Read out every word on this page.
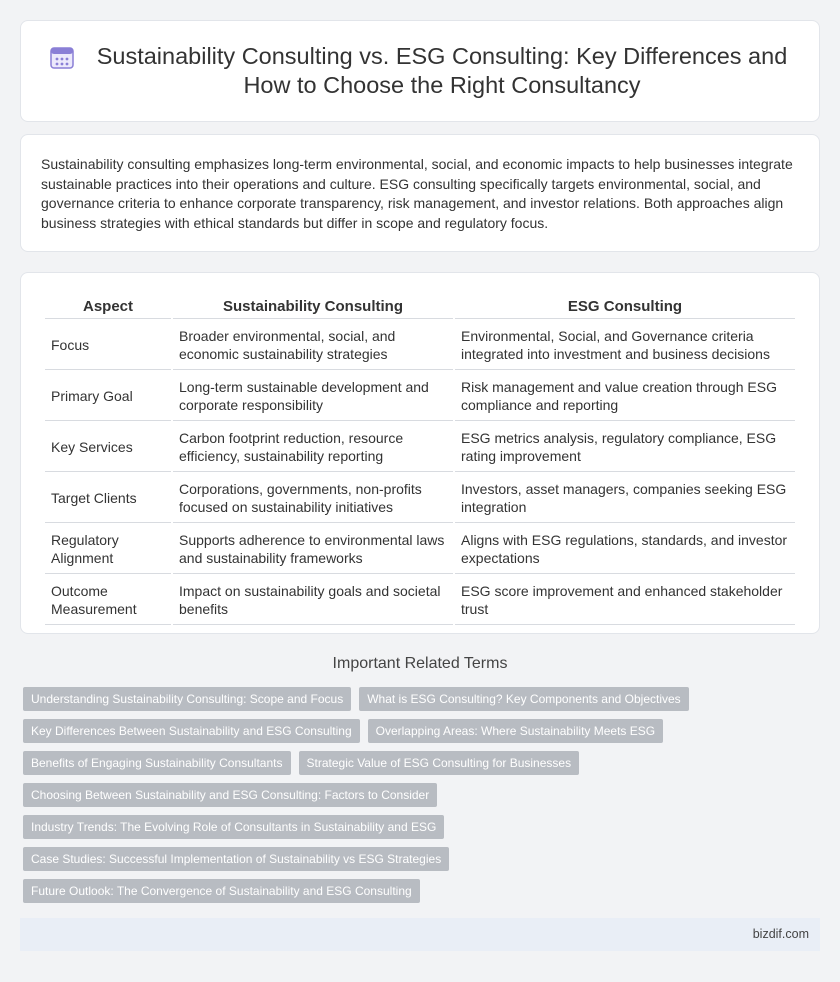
Sustainability Consulting vs. ESG Consulting: Key Differences and How to Choose the Right Consultancy

Sustainability consulting emphasizes long-term environmental, social, and economic impacts to help businesses integrate sustainable practices into their operations and culture. ESG consulting specifically targets environmental, social, and governance criteria to enhance corporate transparency, risk management, and investor relations. Both approaches align business strategies with ethical standards but differ in scope and regulatory focus.

Aspect	Sustainability Consulting	ESG Consulting
Focus	Broader environmental, social, and economic sustainability strategies	Environmental, Social, and Governance criteria integrated into investment and business decisions
Primary Goal	Long-term sustainable development and corporate responsibility	Risk management and value creation through ESG compliance and reporting
Key Services	Carbon footprint reduction, resource efficiency, sustainability reporting	ESG metrics analysis, regulatory compliance, ESG rating improvement
Target Clients	Corporations, governments, non-profits focused on sustainability initiatives	Investors, asset managers, companies seeking ESG integration
Regulatory Alignment	Supports adherence to environmental laws and sustainability frameworks	Aligns with ESG regulations, standards, and investor expectations
Outcome Measurement	Impact on sustainability goals and societal benefits	ESG score improvement and enhanced stakeholder trust
Important Related Terms
Understanding Sustainability Consulting: Scope and Focus	What is ESG Consulting? Key Components and Objectives
Key Differences Between Sustainability and ESG Consulting	Overlapping Areas: Where Sustainability Meets ESG
Benefits of Engaging Sustainability Consultants	Strategic Value of ESG Consulting for Businesses
Choosing Between Sustainability and ESG Consulting: Factors to Consider
Industry Trends: The Evolving Role of Consultants in Sustainability and ESG
Case Studies: Successful Implementation of Sustainability vs ESG Strategies
Future Outlook: The Convergence of Sustainability and ESG Consulting
bizdif.com
